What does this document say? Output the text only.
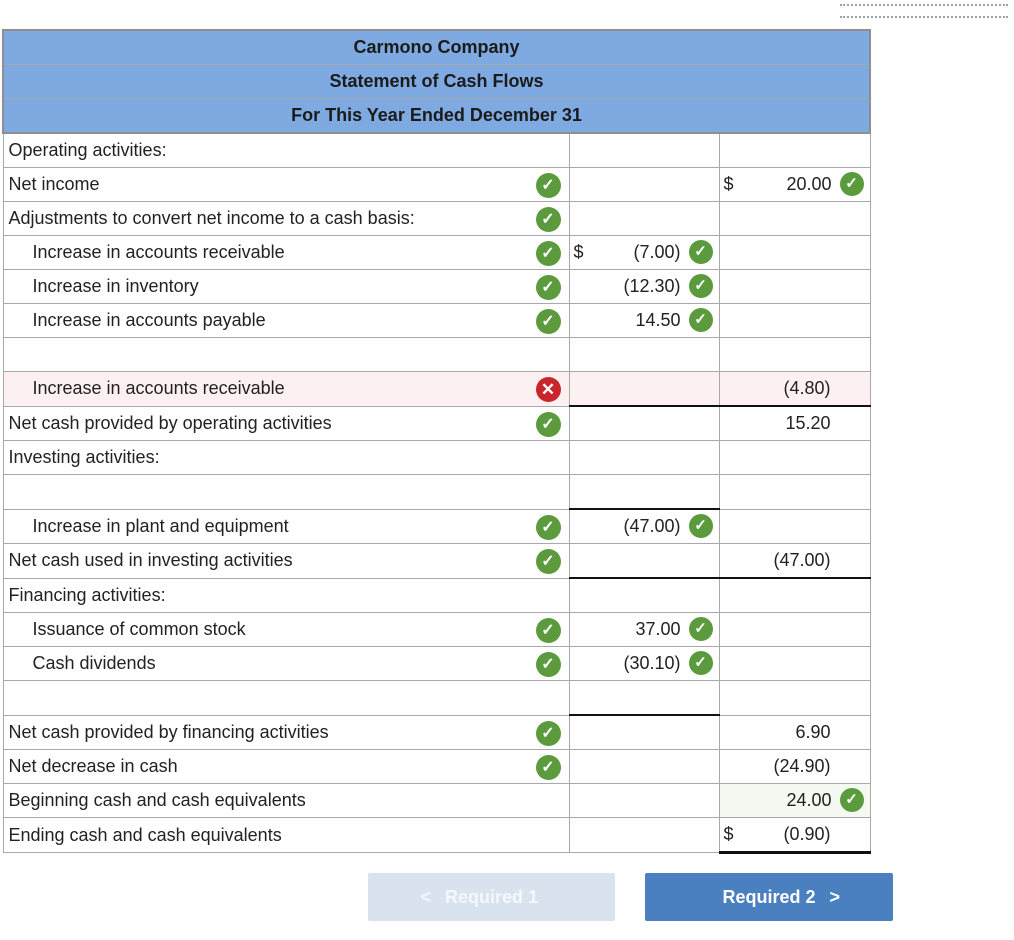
Carmono Company		
Statement of Cash Flows		
For This Year Ended December 31		
Operating activities:		
Net income ✓		$ 20.00 ✓

Adjustments to convert net income to a cash basis: ✓		

Increase in accounts receivable ✓	$ (7.00) ✓	

Increase in inventory ✓	(12.30) ✓	

Increase in accounts payable ✓	14.50 ✓	

Increase in accounts receivable ✕		(4.80)

Net cash provided by operating activities ✓		15.20

Investing activities:		

Increase in plant and equipment ✓	(47.00) ✓	

Net cash used in investing activities ✓		(47.00)

Financing activities:		
Issuance of common stock ✓	37.00 ✓	

Cash dividends ✓	(30.10) ✓	

Net cash provided by financing activities ✓		6.90

Net decrease in cash ✓		(24.90)

Beginning cash and cash equivalents		24.00 ✓

Ending cash and cash equivalents		$ (0.90)
< Required 1	Required 2 >
